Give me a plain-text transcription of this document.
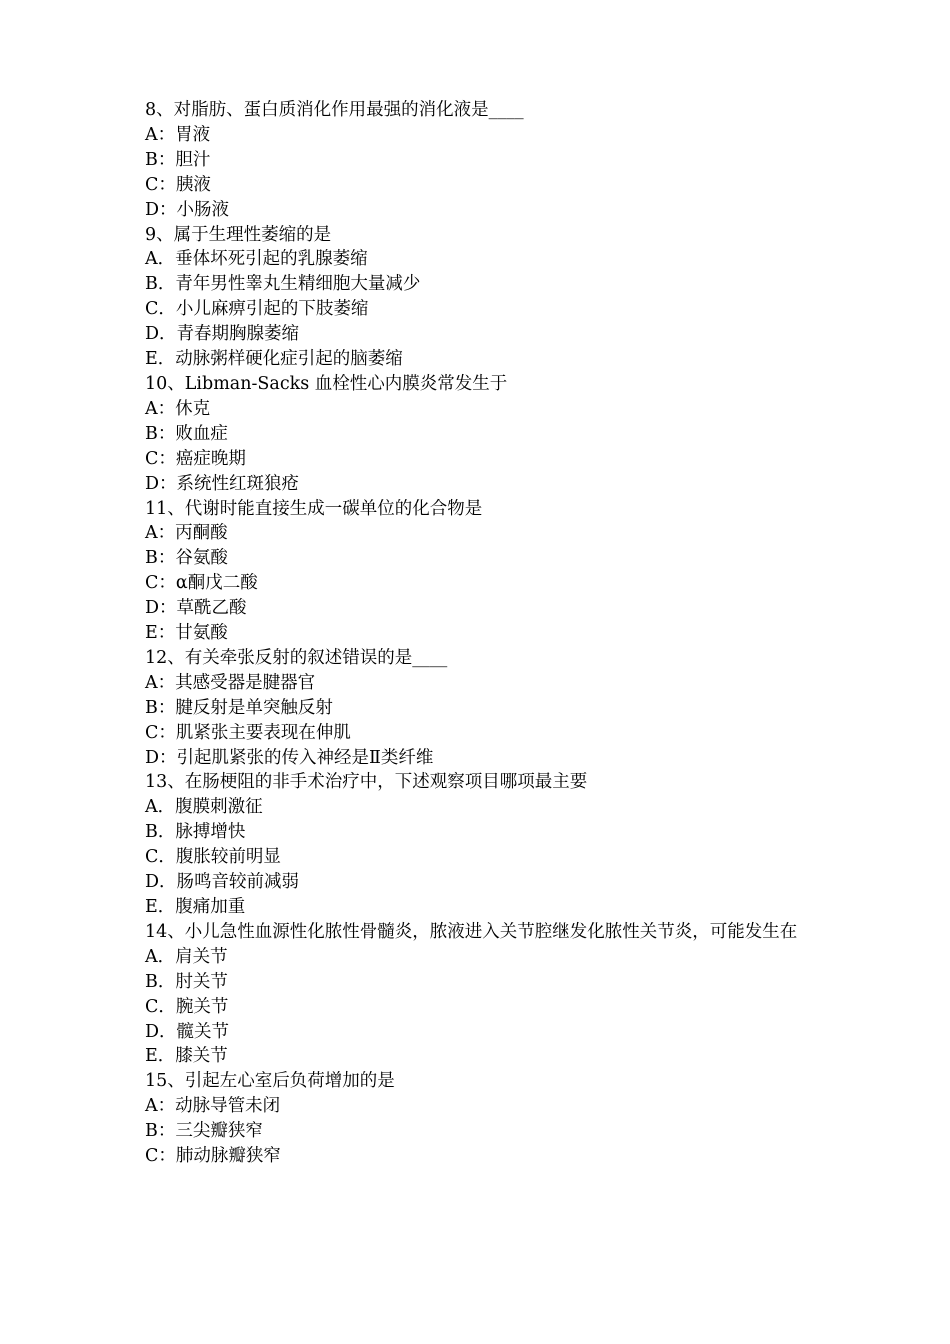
8、对脂肪、蛋白质消化作用最强的消化液是____

A：胃液

B：胆汁

C：胰液

D：小肠液

9、属于生理性萎缩的是

A．垂体坏死引起的乳腺萎缩

B．青年男性睾丸生精细胞大量减少

C．小儿麻痹引起的下肢萎缩

D．青春期胸腺萎缩

E．动脉粥样硬化症引起的脑萎缩

10、Libman-Sacks 血栓性心内膜炎常发生于

A：休克

B：败血症

C：癌症晚期

D：系统性红斑狼疮

11、代谢时能直接生成一碳单位的化合物是

A：丙酮酸

B：谷氨酸

C：α酮戊二酸

D：草酰乙酸

E：甘氨酸

12、有关牵张反射的叙述错误的是____

A：其感受器是腱器官

B：腱反射是单突触反射

C：肌紧张主要表现在伸肌

D：引起肌紧张的传入神经是Ⅱ类纤维

13、在肠梗阻的非手术治疗中，下述观察项目哪项最主要

A．腹膜刺激征

B．脉搏增快

C．腹胀较前明显

D．肠鸣音较前减弱

E．腹痛加重

14、小儿急性血源性化脓性骨髓炎，脓液进入关节腔继发化脓性关节炎，可能发生在

A．肩关节

B．肘关节

C．腕关节

D．髋关节

E．膝关节

15、引起左心室后负荷增加的是

A：动脉导管未闭

B：三尖瓣狭窄

C：肺动脉瓣狭窄
